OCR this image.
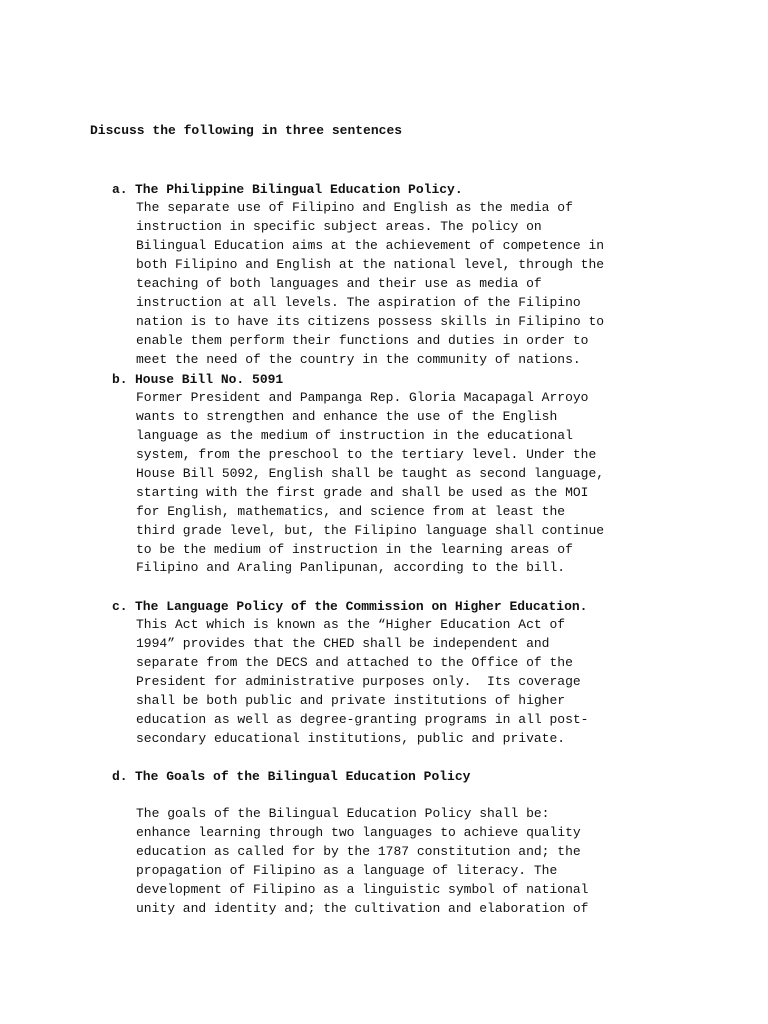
Discuss the following in three sentences
a. The Philippine Bilingual Education Policy.
The separate use of Filipino and English as the media of
instruction in specific subject areas. The policy on
Bilingual Education aims at the achievement of competence in
both Filipino and English at the national level, through the
teaching of both languages and their use as media of
instruction at all levels. The aspiration of the Filipino
nation is to have its citizens possess skills in Filipino to
enable them perform their functions and duties in order to
meet the need of the country in the community of nations.
b. House Bill No. 5091
Former President and Pampanga Rep. Gloria Macapagal Arroyo
wants to strengthen and enhance the use of the English
language as the medium of instruction in the educational
system, from the preschool to the tertiary level. Under the
House Bill 5092, English shall be taught as second language,
starting with the first grade and shall be used as the MOI
for English, mathematics, and science from at least the
third grade level, but, the Filipino language shall continue
to be the medium of instruction in the learning areas of
Filipino and Araling Panlipunan, according to the bill.
c. The Language Policy of the Commission on Higher Education.
This Act which is known as the “Higher Education Act of
1994” provides that the CHED shall be independent and
separate from the DECS and attached to the Office of the
President for administrative purposes only.  Its coverage
shall be both public and private institutions of higher
education as well as degree-granting programs in all post-
secondary educational institutions, public and private.
d. The Goals of the Bilingual Education Policy
The goals of the Bilingual Education Policy shall be:
enhance learning through two languages to achieve quality
education as called for by the 1787 constitution and; the
propagation of Filipino as a language of literacy. The
development of Filipino as a linguistic symbol of national
unity and identity and; the cultivation and elaboration of
